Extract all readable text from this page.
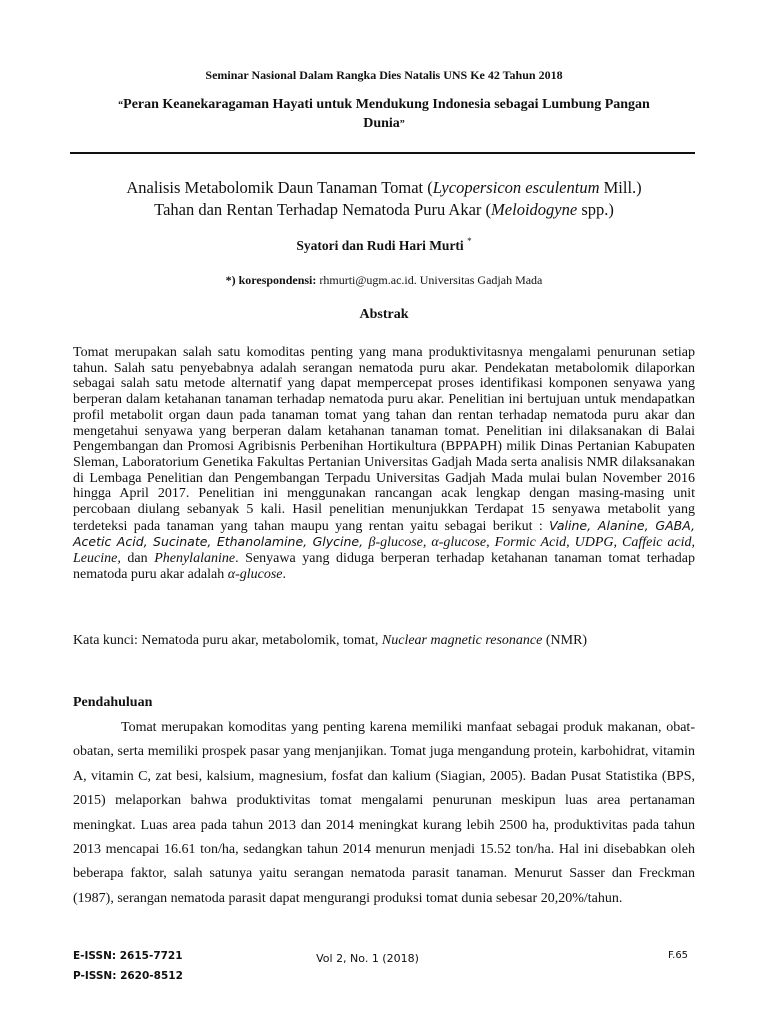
Seminar Nasional Dalam Rangka Dies Natalis UNS Ke 42 Tahun 2018
“Peran Keanekaragaman Hayati untuk Mendukung Indonesia sebagai Lumbung Pangan Dunia”
Analisis Metabolomik Daun Tanaman Tomat (Lycopersicon esculentum Mill.)
Tahan dan Rentan Terhadap Nematoda Puru Akar (Meloidogyne spp.)
Syatori dan Rudi Hari Murti *
*) korespondensi: rhmurti@ugm.ac.id. Universitas Gadjah Mada
Abstrak
Tomat merupakan salah satu komoditas penting yang mana produktivitasnya mengalami penurunan setiap tahun. Salah satu penyebabnya adalah serangan nematoda puru akar. Pendekatan metabolomik dilaporkan sebagai salah satu metode alternatif yang dapat mempercepat proses identifikasi komponen senyawa yang berperan dalam ketahanan tanaman terhadap nematoda puru akar. Penelitian ini bertujuan untuk mendapatkan profil metabolit organ daun pada tanaman tomat yang tahan dan rentan terhadap nematoda puru akar dan mengetahui senyawa yang berperan dalam ketahanan tanaman tomat. Penelitian ini dilaksanakan di Balai Pengembangan dan Promosi Agribisnis Perbenihan Hortikultura (BPPAPH) milik Dinas Pertanian Kabupaten Sleman, Laboratorium Genetika Fakultas Pertanian Universitas Gadjah Mada serta analisis NMR dilaksanakan di Lembaga Penelitian dan Pengembangan Terpadu Universitas Gadjah Mada mulai bulan November 2016 hingga April 2017. Penelitian ini menggunakan rancangan acak lengkap dengan masing-masing unit percobaan diulang sebanyak 5 kali. Hasil penelitian menunjukkan Terdapat 15 senyawa metabolit yang terdeteksi pada tanaman yang tahan maupu yang rentan yaitu sebagai berikut : Valine, Alanine, GABA, Acetic Acid, Sucinate, Ethanolamine, Glycine, β-glucose, α-glucose, Formic Acid, UDPG, Caffeic acid, Leucine, dan Phenylalanine. Senyawa yang diduga berperan terhadap ketahanan tanaman tomat terhadap nematoda puru akar adalah α-glucose.
Kata kunci: Nematoda puru akar, metabolomik, tomat, Nuclear magnetic resonance (NMR)
Pendahuluan
Tomat merupakan komoditas yang penting karena memiliki manfaat sebagai produk makanan, obat-obatan, serta memiliki prospek pasar yang menjanjikan. Tomat juga mengandung protein, karbohidrat, vitamin A, vitamin C, zat besi, kalsium, magnesium, fosfat dan kalium (Siagian, 2005). Badan Pusat Statistika (BPS, 2015) melaporkan bahwa produktivitas tomat mengalami penurunan meskipun luas area pertanaman meningkat. Luas area pada tahun 2013 dan 2014 meningkat kurang lebih 2500 ha, produktivitas pada tahun 2013 mencapai 16.61 ton/ha, sedangkan tahun 2014 menurun menjadi 15.52 ton/ha. Hal ini disebabkan oleh beberapa faktor, salah satunya yaitu serangan nematoda parasit tanaman. Menurut Sasser dan Freckman (1987), serangan nematoda parasit dapat mengurangi produksi tomat dunia sebesar 20,20%/tahun.
E-ISSN: 2615-7721
P-ISSN: 2620-8512
Vol 2, No. 1 (2018)	F.65
